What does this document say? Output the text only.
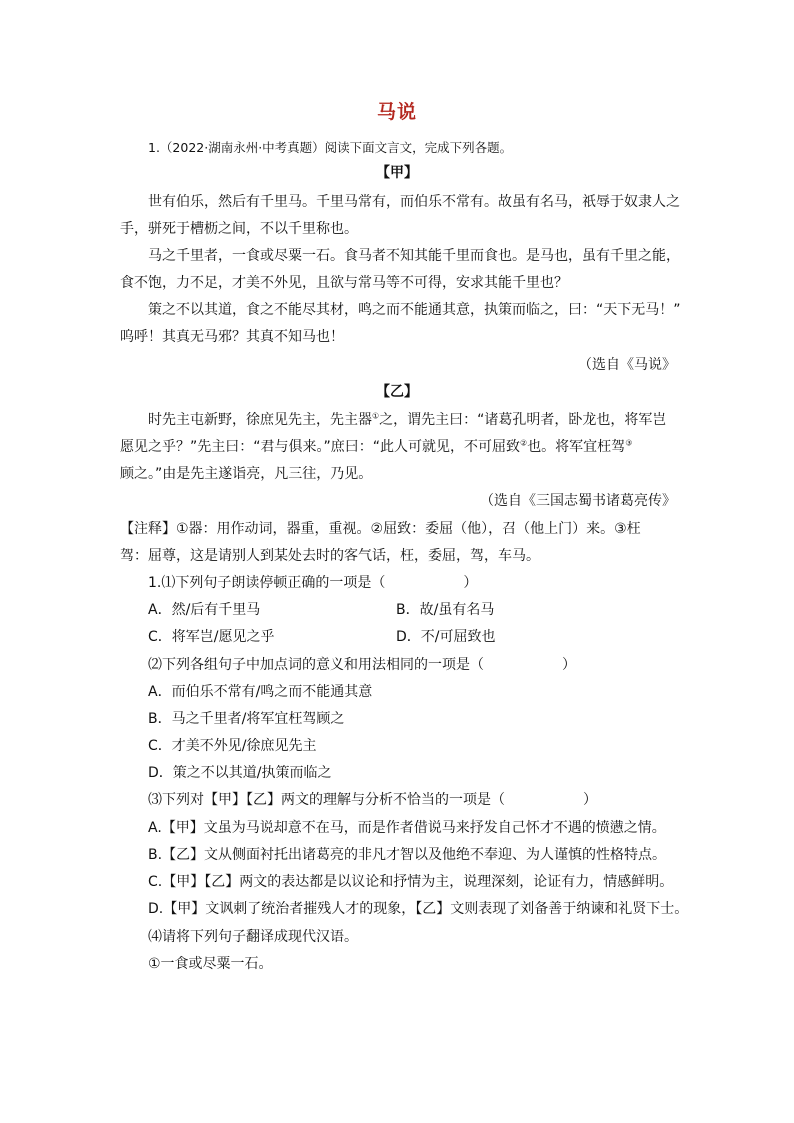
马说
1.（2022·湖南永州·中考真题）阅读下面文言文，完成下列各题。
【甲】
世有伯乐，然后有千里马。千里马常有，而伯乐不常有。故虽有名马，祇辱于奴隶人之
手，骈死于槽枥之间，不以千里称也。
马之千里者，一食或尽粟一石。食马者不知其能千里而食也。是马也，虽有千里之能，
食不饱，力不足，才美不外见，且欲与常马等不可得，安求其能千里也？
策之不以其道，食之不能尽其材，鸣之而不能通其意，执策而临之，曰：“天下无马！”
呜呼！其真无马邪？其真不知马也！
（选自《马说》
【乙】
时先主屯新野，徐庶见先主，先主器①之，谓先主曰：“诸葛孔明者，卧龙也，将军岂
愿见之乎？”先主曰：“君与俱来。”庶曰：“此人可就见，不可屈致②也。将军宜枉驾③
顾之。”由是先主遂诣亮，凡三往，乃见。
（选自《三国志蜀书诸葛亮传》
【注释】①器：用作动词，器重，重视。②屈致：委屈（他），召（他上门）来。③枉
驾：屈尊，这是请别人到某处去时的客气话，枉，委屈，驾，车马。
1.⑴下列句子朗读停顿正确的一项是（	）
A．然/后有千里马	B．故/虽有名马
C．将军岂/愿见之乎	D．不/可屈致也
⑵下列各组句子中加点词的意义和用法相同的一项是（	）
A．而伯乐不常有/鸣之而不能通其意
B．马之千里者/将军宜枉驾顾之
C．才美不外见/徐庶见先主
D．策之不以其道/执策而临之
⑶下列对【甲】【乙】两文的理解与分析不恰当的一项是（	）
A.【甲】文虽为马说却意不在马，而是作者借说马来抒发自己怀才不遇的愤懑之情。
B.【乙】文从侧面衬托出诸葛亮的非凡才智以及他绝不奉迎、为人谨慎的性格特点。
C.【甲】【乙】两文的表达都是以议论和抒情为主，说理深刻，论证有力，情感鲜明。
D.【甲】文讽刺了统治者摧残人才的现象，【乙】文则表现了刘备善于纳谏和礼贤下士。
⑷请将下列句子翻译成现代汉语。
①一食或尽粟一石。
